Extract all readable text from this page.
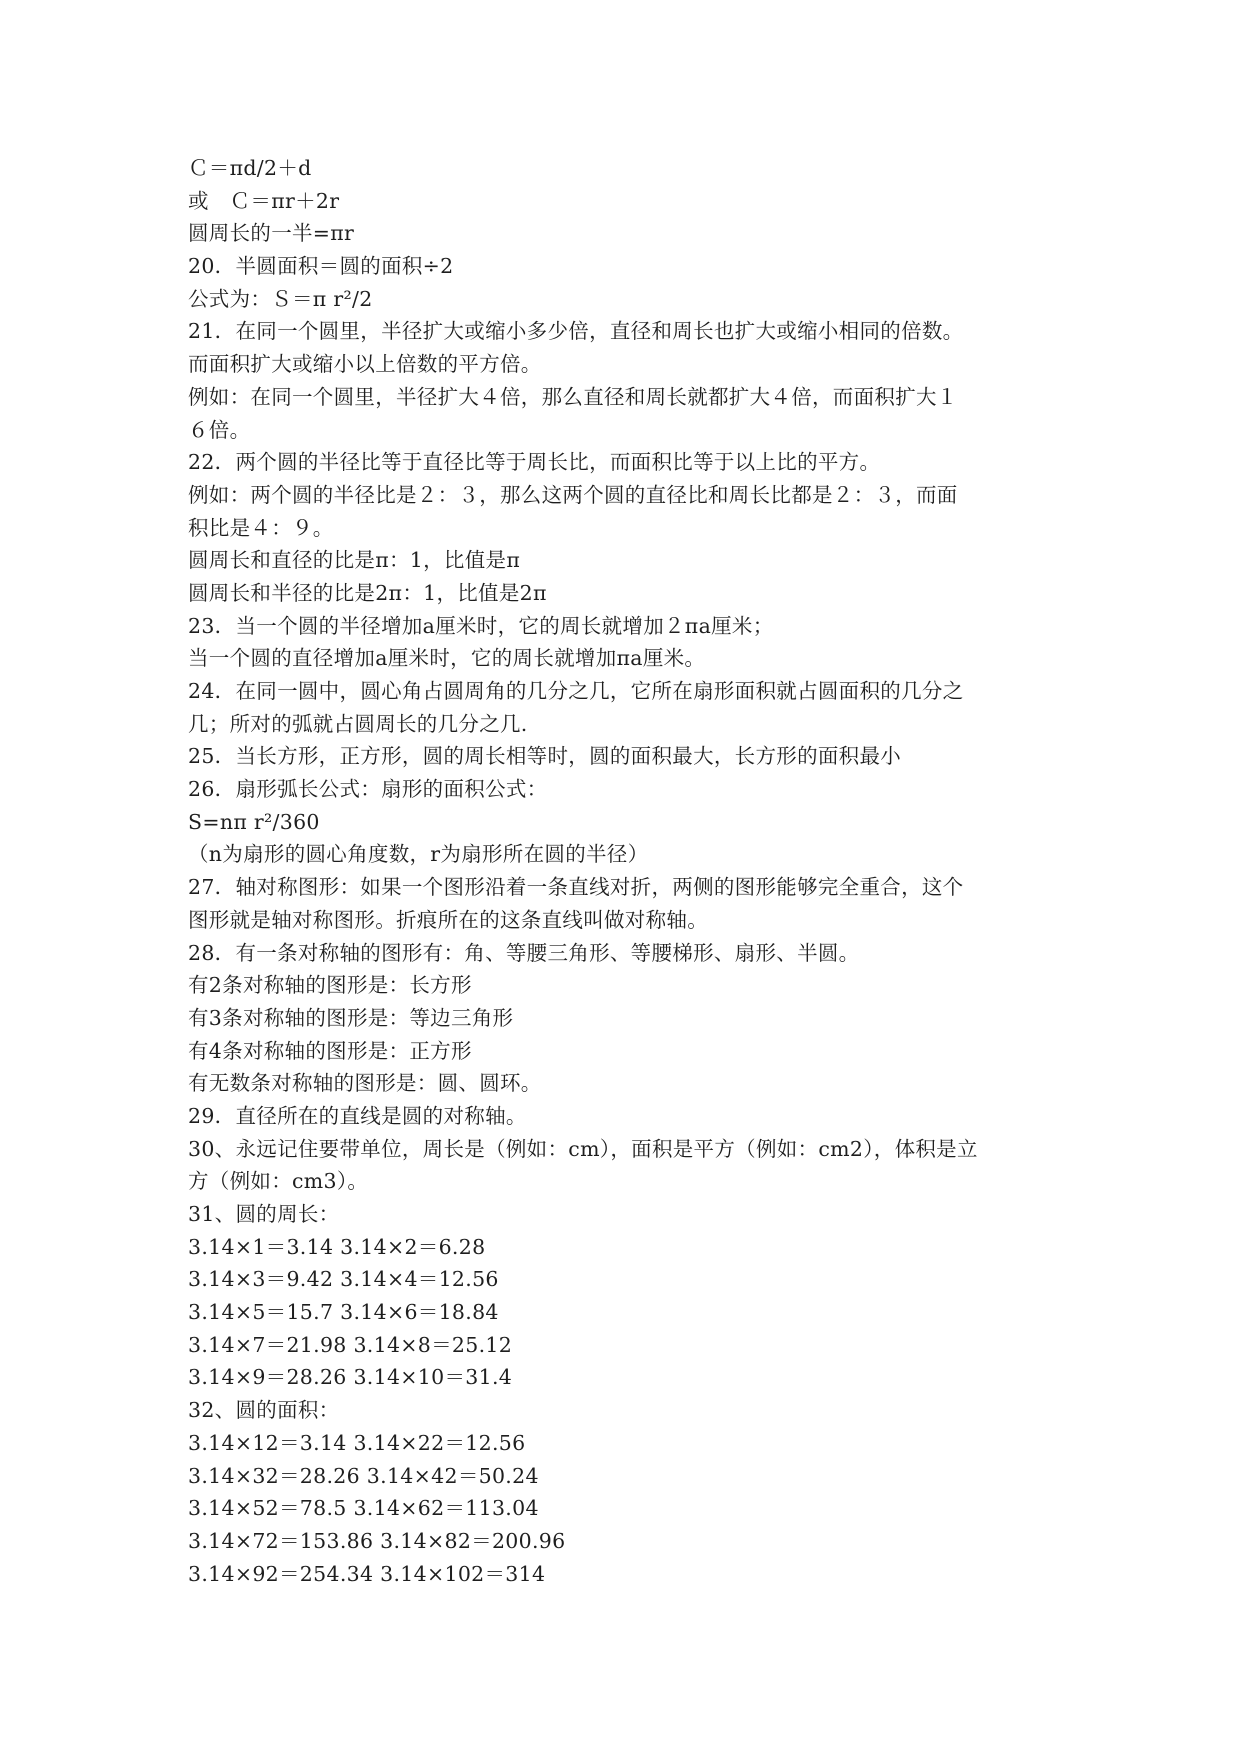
Ｃ＝πd/2＋d
或　Ｃ＝πr＋2r
圆周长的一半=πr
20．半圆面积＝圆的面积÷2
公式为：Ｓ＝π r²/2
21．在同一个圆里，半径扩大或缩小多少倍，直径和周长也扩大或缩小相同的倍数。
而面积扩大或缩小以上倍数的平方倍。
例如：在同一个圆里，半径扩大４倍，那么直径和周长就都扩大４倍，而面积扩大１
６倍。
22．两个圆的半径比等于直径比等于周长比，而面积比等于以上比的平方。
例如：两个圆的半径比是２：３，那么这两个圆的直径比和周长比都是２：３，而面
积比是４：９。
圆周长和直径的比是π：1，比值是π
圆周长和半径的比是2π：1，比值是2π
23．当一个圆的半径增加a厘米时，它的周长就增加２πa厘米；
当一个圆的直径增加a厘米时，它的周长就增加πa厘米。
24．在同一圆中，圆心角占圆周角的几分之几，它所在扇形面积就占圆面积的几分之
几；所对的弧就占圆周长的几分之几.
25．当长方形，正方形，圆的周长相等时，圆的面积最大，长方形的面积最小
26．扇形弧长公式：扇形的面积公式：
S=nπ r²/360
（n为扇形的圆心角度数，r为扇形所在圆的半径）
27．轴对称图形：如果一个图形沿着一条直线对折，两侧的图形能够完全重合，这个
图形就是轴对称图形。折痕所在的这条直线叫做对称轴。
28．有一条对称轴的图形有：角、等腰三角形、等腰梯形、扇形、半圆。
有2条对称轴的图形是：长方形
有3条对称轴的图形是：等边三角形
有4条对称轴的图形是：正方形
有无数条对称轴的图形是：圆、圆环。
29．直径所在的直线是圆的对称轴。
30、永远记住要带单位，周长是（例如：cm），面积是平方（例如：cm2），体积是立
方（例如：cm3）。
31、圆的周长：
3.14×1＝3.14 3.14×2＝6.28
3.14×3＝9.42 3.14×4＝12.56
3.14×5＝15.7 3.14×6＝18.84
3.14×7＝21.98 3.14×8＝25.12
3.14×9＝28.26 3.14×10＝31.4
32、圆的面积：
3.14×12＝3.14 3.14×22＝12.56
3.14×32＝28.26 3.14×42＝50.24
3.14×52＝78.5 3.14×62＝113.04
3.14×72＝153.86 3.14×82＝200.96
3.14×92＝254.34 3.14×102＝314
